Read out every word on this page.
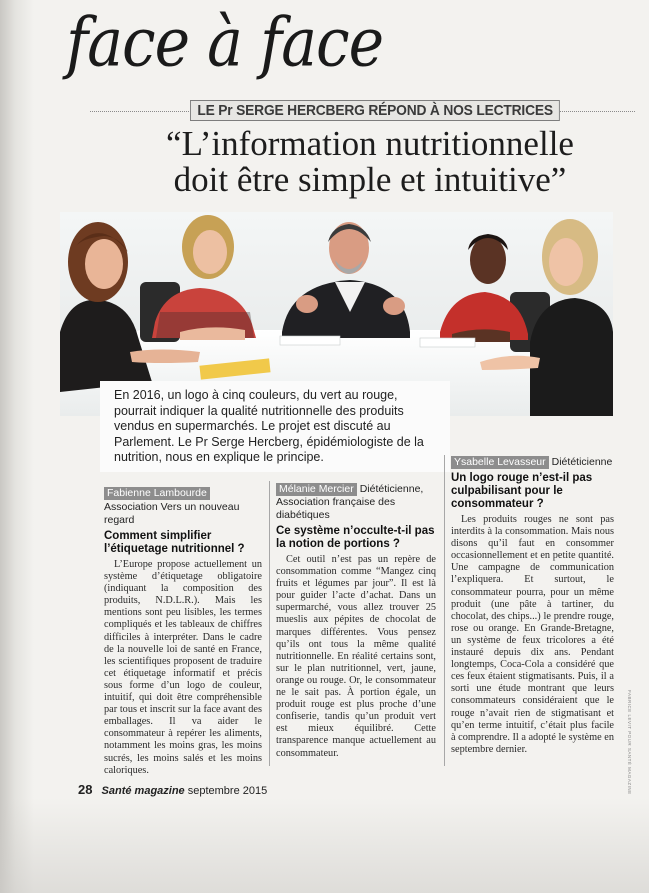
face à face
LE Pr SERGE HERCBERG RÉPOND À NOS LECTRICES
“L’information nutritionnelle
doit être simple et intuitive”
En 2016, un logo à cinq couleurs, du vert au rouge, pourrait indiquer la qualité nutritionnelle des produits vendus en supermarchés. Le projet est discuté au Parlement. Le Pr Serge Hercberg, épidémiologiste de la nutrition, nous en explique le principe.
Fabienne Lambourde
Association Vers un nouveau regard
Comment simplifier l’étiquetage nutritionnel ?

L’Europe propose actuellement un système d’étiquetage obligatoire (indiquant la composition des produits, N.D.L.R.). Mais les mentions sont peu lisibles, les termes compliqués et les tableaux de chiffres difficiles à interpréter. Dans le cadre de la nouvelle loi de santé en France, les scientifiques proposent de traduire cet étiquetage informatif et précis sous forme d’un logo de couleur, intuitif, qui doit être compréhensible par tous et inscrit sur la face avant des emballages. Il va aider le consommateur à repérer les aliments, notamment les moins gras, les moins sucrés, les moins salés et les moins caloriques.

Mélanie Mercier Diététicienne, Association française des diabétiques
Ce système n’occulte-t-il pas la notion de portions ?

Cet outil n’est pas un repère de consommation comme “Mangez cinq fruits et légumes par jour”. Il est là pour guider l’acte d’achat. Dans un supermarché, vous allez trouver 25 mueslis aux pépites de chocolat de marques différentes. Vous pensez qu’ils ont tous la même qualité nutritionnelle. En réalité certains sont, sur le plan nutritionnel, vert, jaune, orange ou rouge. Or, le consommateur ne le sait pas. À portion égale, un produit rouge est plus proche d’une confiserie, tandis qu’un produit vert est mieux équilibré. Cette transparence manque actuellement au consommateur.

Ysabelle Levasseur Diététicienne
Un logo rouge n’est-il pas culpabilisant pour le consommateur ?

Les produits rouges ne sont pas interdits à la consommation. Mais nous disons qu’il faut en consommer occasionnellement et en petite quantité. Une campagne de communication l’expliquera. Et surtout, le consommateur pourra, pour un même produit (une pâte à tartiner, du chocolat, des chips...) le prendre rouge, rose ou orange. En Grande-Bretagne, un système de feux tricolores a été instauré depuis dix ans. Pendant longtemps, Coca-Cola a considéré que ces feux étaient stigmatisants. Puis, il a sorti une étude montrant que leurs consommateurs considéraient que le rouge n’avait rien de stigmatisant et qu’en terme intuitif, c’était plus facile à comprendre. Il a adopté le système en septembre dernier.

28 Santé magazine septembre 2015	FABRICE LEVIT POUR SANTÉ MAGAZINE
